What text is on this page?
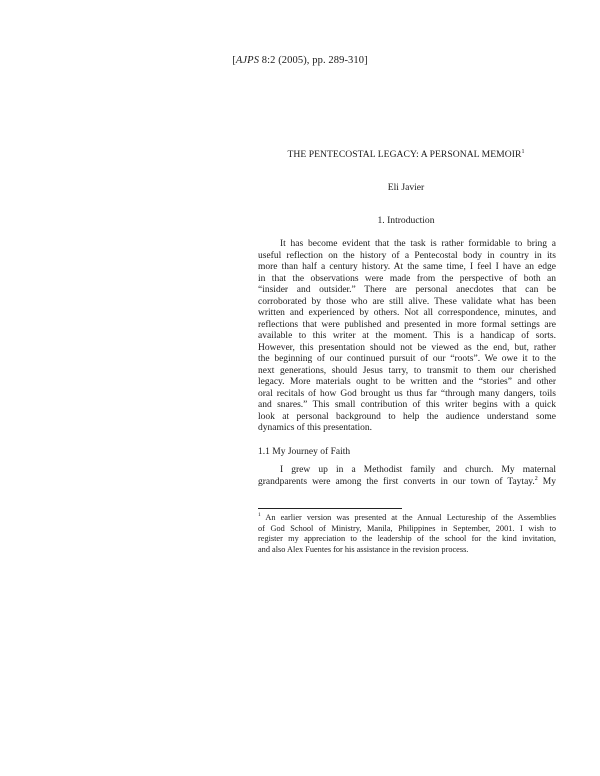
[AJPS 8:2 (2005), pp. 289-310]
THE PENTECOSTAL LEGACY: A PERSONAL MEMOIR$^1$
Eli Javier
1. Introduction
It has become evident that the task is rather formidable to bring a
useful reflection on the history of a Pentecostal body in country in its
more than half a century history. At the same time, I feel I have an edge
in that the observations were made from the perspective of both an
“insider and outsider.” There are personal anecdotes that can be
corroborated by those who are still alive. These validate what has been
written and experienced by others. Not all correspondence, minutes, and
reflections that were published and presented in more formal settings are
available to this writer at the moment. This is a handicap of sorts.
However, this presentation should not be viewed as the end, but, rather
the beginning of our continued pursuit of our “roots”. We owe it to the
next generations, should Jesus tarry, to transmit to them our cherished
legacy. More materials ought to be written and the “stories” and other
oral recitals of how God brought us thus far “through many dangers, toils
and snares.” This small contribution of this writer begins with a quick
look at personal background to help the audience understand some
dynamics of this presentation.
1.1 My Journey of Faith
I grew up in a Methodist family and church. My maternal
grandparents were among the first converts in our town of Taytay.$^2$ My
$^1$ An earlier version was presented at the Annual Lectureship of the Assemblies
of God School of Ministry, Manila, Philippines in September, 2001. I wish to
register my appreciation to the leadership of the school for the kind invitation,
and also Alex Fuentes for his assistance in the revision process.
